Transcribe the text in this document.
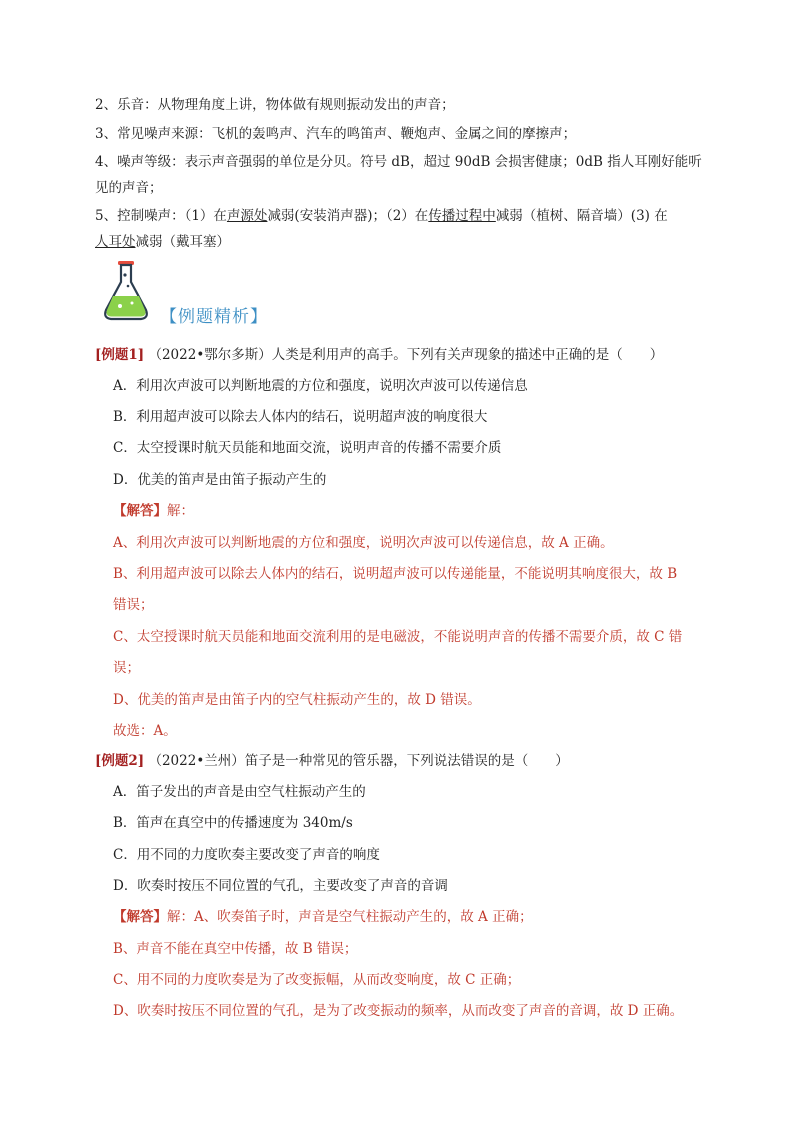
2、乐音：从物理角度上讲，物体做有规则振动发出的声音；
3、常见噪声来源：飞机的轰鸣声、汽车的鸣笛声、鞭炮声、金属之间的摩擦声；
4、噪声等级：表示声音强弱的单位是分贝。符号 dB，超过 90dB 会损害健康；0dB 指人耳刚好能听
见的声音；
5、控制噪声：（1）在声源处减弱(安装消声器)；（2）在传播过程中减弱（植树、隔音墙）(3) 在
人耳处减弱（戴耳塞）
【例题精析】
[例题1] （2022•鄂尔多斯）人类是利用声的高手。下列有关声现象的描述中正确的是（　　）
A．利用次声波可以判断地震的方位和强度，说明次声波可以传递信息
B．利用超声波可以除去人体内的结石，说明超声波的响度很大
C．太空授课时航天员能和地面交流，说明声音的传播不需要介质
D．优美的笛声是由笛子振动产生的
【解答】解：
A、利用次声波可以判断地震的方位和强度，说明次声波可以传递信息，故 A 正确。
B、利用超声波可以除去人体内的结石，说明超声波可以传递能量，不能说明其响度很大，故 B
错误；
C、太空授课时航天员能和地面交流利用的是电磁波，不能说明声音的传播不需要介质，故 C 错
误；
D、优美的笛声是由笛子内的空气柱振动产生的，故 D 错误。
故选：A。
[例题2] （2022•兰州）笛子是一种常见的管乐器，下列说法错误的是（　　）
A．笛子发出的声音是由空气柱振动产生的
B．笛声在真空中的传播速度为 340m/s
C．用不同的力度吹奏主要改变了声音的响度
D．吹奏时按压不同位置的气孔，主要改变了声音的音调
【解答】解：A、吹奏笛子时，声音是空气柱振动产生的，故 A 正确；
B、声音不能在真空中传播，故 B 错误；
C、用不同的力度吹奏是为了改变振幅，从而改变响度，故 C 正确；
D、吹奏时按压不同位置的气孔，是为了改变振动的频率，从而改变了声音的音调，故 D 正确。
